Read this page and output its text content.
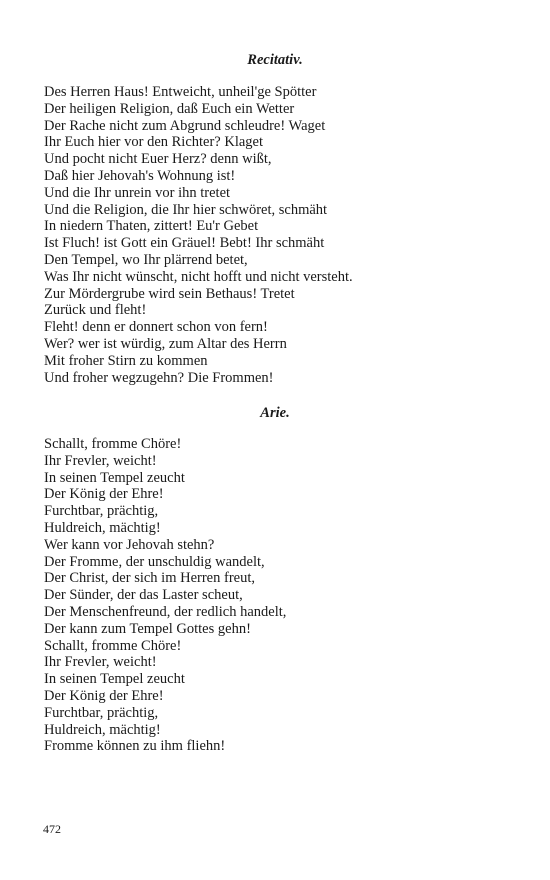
Recitativ.
Des Herren Haus! Entweicht, unheil'ge Spötter
Der heiligen Religion, daß Euch ein Wetter
Der Rache nicht zum Abgrund schleudre! Waget
Ihr Euch hier vor den Richter? Klaget
Und pocht nicht Euer Herz? denn wißt,
Daß hier Jehovah's Wohnung ist!
Und die Ihr unrein vor ihn tretet
Und die Religion, die Ihr hier schwöret, schmäht
In niedern Thaten, zittert! Eu'r Gebet
Ist Fluch! ist Gott ein Gräuel! Bebt! Ihr schmäht
Den Tempel, wo Ihr plärrend betet,
Was Ihr nicht wünscht, nicht hofft und nicht versteht.
Zur Mördergrube wird sein Bethaus! Tretet
Zurück und fleht!
Fleht! denn er donnert schon von fern!
Wer? wer ist würdig, zum Altar des Herrn
Mit froher Stirn zu kommen
Und froher wegzugehn? Die Frommen!
Arie.
Schallt, fromme Chöre!
Ihr Frevler, weicht!
In seinen Tempel zeucht
Der König der Ehre!
Furchtbar, prächtig,
Huldreich, mächtig!
Wer kann vor Jehovah stehn?
Der Fromme, der unschuldig wandelt,
Der Christ, der sich im Herren freut,
Der Sünder, der das Laster scheut,
Der Menschenfreund, der redlich handelt,
Der kann zum Tempel Gottes gehn!
Schallt, fromme Chöre!
Ihr Frevler, weicht!
In seinen Tempel zeucht
Der König der Ehre!
Furchtbar, prächtig,
Huldreich, mächtig!
Fromme können zu ihm fliehn!

472
